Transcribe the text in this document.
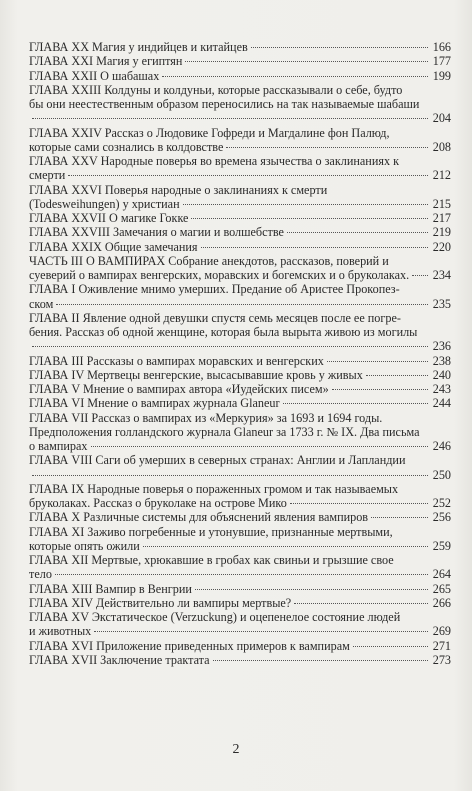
ГЛАВА XX Магия у индийцев и китайцев	166
ГЛАВА XXI Магия у египтян	177
ГЛАВА XXII О шабашах	199
ГЛАВА XXIII Колдуны и колдуньи, которые рассказывали о себе, будто
бы они неестественным образом переносились на так называемые шабаши
204
ГЛАВА XXIV Рассказ о Людовике Гофреди и Магдалине фон Палюд,
которые сами сознались в колдовстве	208
ГЛАВА XXV Народные поверья во времена язычества о заклинаниях к
смерти	212
ГЛАВА XXVI Поверья народные о заклинаниях к смерти
(Todesweihungen) у христиан	215
ГЛАВА XXVII О магике Гокке	217
ГЛАВА XXVIII Замечания о магии и волшебстве	219
ГЛАВА XXIX Общие замечания	220
ЧАСТЬ III О ВАМПИРАХ Собрание анекдотов, рассказов, поверий и
суеверий о вампирах венгерских, моравских и богемских и о бруколаках. 234
ГЛАВА I Оживление мнимо умерших. Предание об Аристее Прокопез-
ском	235
ГЛАВА II Явление одной девушки спустя семь месяцев после ее погре-
бения. Рассказ об одной женщине, которая была вырыта живою из могилы
236
ГЛАВА III Рассказы о вампирах моравских и венгерских	238
ГЛАВА IV Мертвецы венгерские, высасывавшие кровь у живых	240
ГЛАВА V Мнение о вампирах автора «Иудейских писем»	243
ГЛАВА VI Мнение о вампирах журнала Glaneur	244
ГЛАВА VII Рассказ о вампирах из «Меркурия» за 1693 и 1694 годы.
Предположения голландского журнала Glaneur за 1733 г. № IX. Два письма
о вампирах	246
ГЛАВА VIII Саги об умерших в северных странах: Англии и Лапландии
250
ГЛАВА IX Народные поверья о пораженных громом и так называемых
бруколаках. Рассказ о бруколаке на острове Мико	252
ГЛАВА X Различные системы для объяснений явления вампиров	256
ГЛАВА XI Заживо погребенные и утонувшие, признанные мертвыми,
которые опять ожили	259
ГЛАВА XII Мертвые, хрюкавшие в гробах как свиньи и грызшие свое
тело	264
ГЛАВА XIII Вампир в Венгрии	265
ГЛАВА XIV Действительно ли вампиры мертвые?	266
ГЛАВА XV Экстатическое (Verzuckung) и оцепенелое состояние людей
и животных	269
ГЛАВА XVI Приложение приведенных примеров к вампирам	271
ГЛАВА XVII Заключение трактата	273
2
